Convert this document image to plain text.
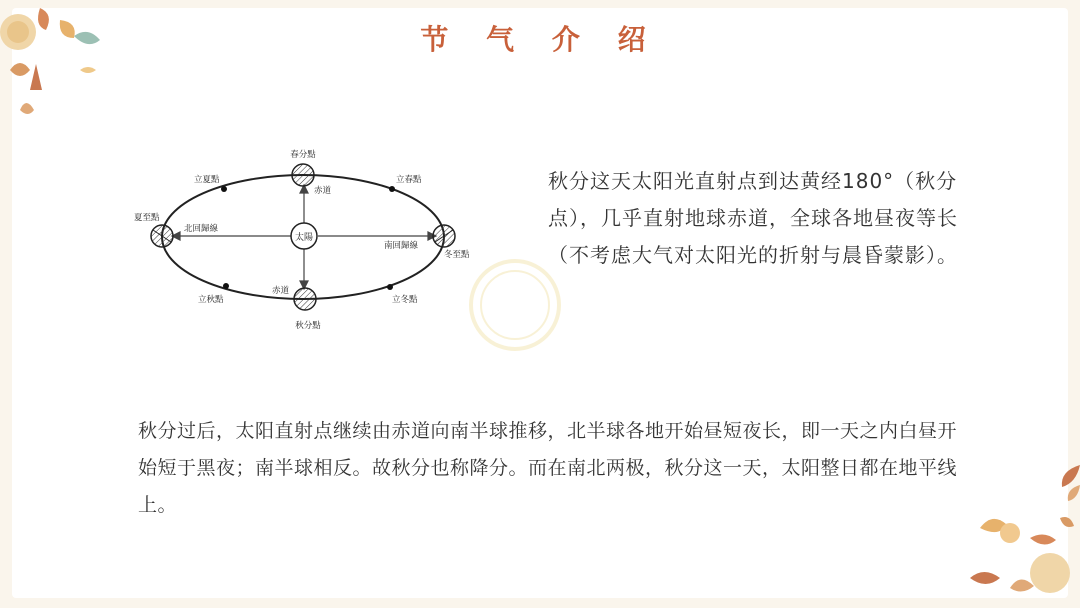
节 气 介 绍
太陽
春分點
赤道
秋分點
赤道
夏至點
冬至點
立夏點	立春點
立秋點	立冬點
北回歸線
南回歸線
秋分这天太阳光直射点到达黄经180°（秋分点），几乎直射地球赤道，全球各地昼夜等长（不考虑大气对太阳光的折射与晨昏蒙影）。
秋分过后，太阳直射点继续由赤道向南半球推移，北半球各地开始昼短夜长，即一天之内白昼开始短于黑夜；南半球相反。故秋分也称降分。而在南北两极，秋分这一天，太阳整日都在地平线上。
